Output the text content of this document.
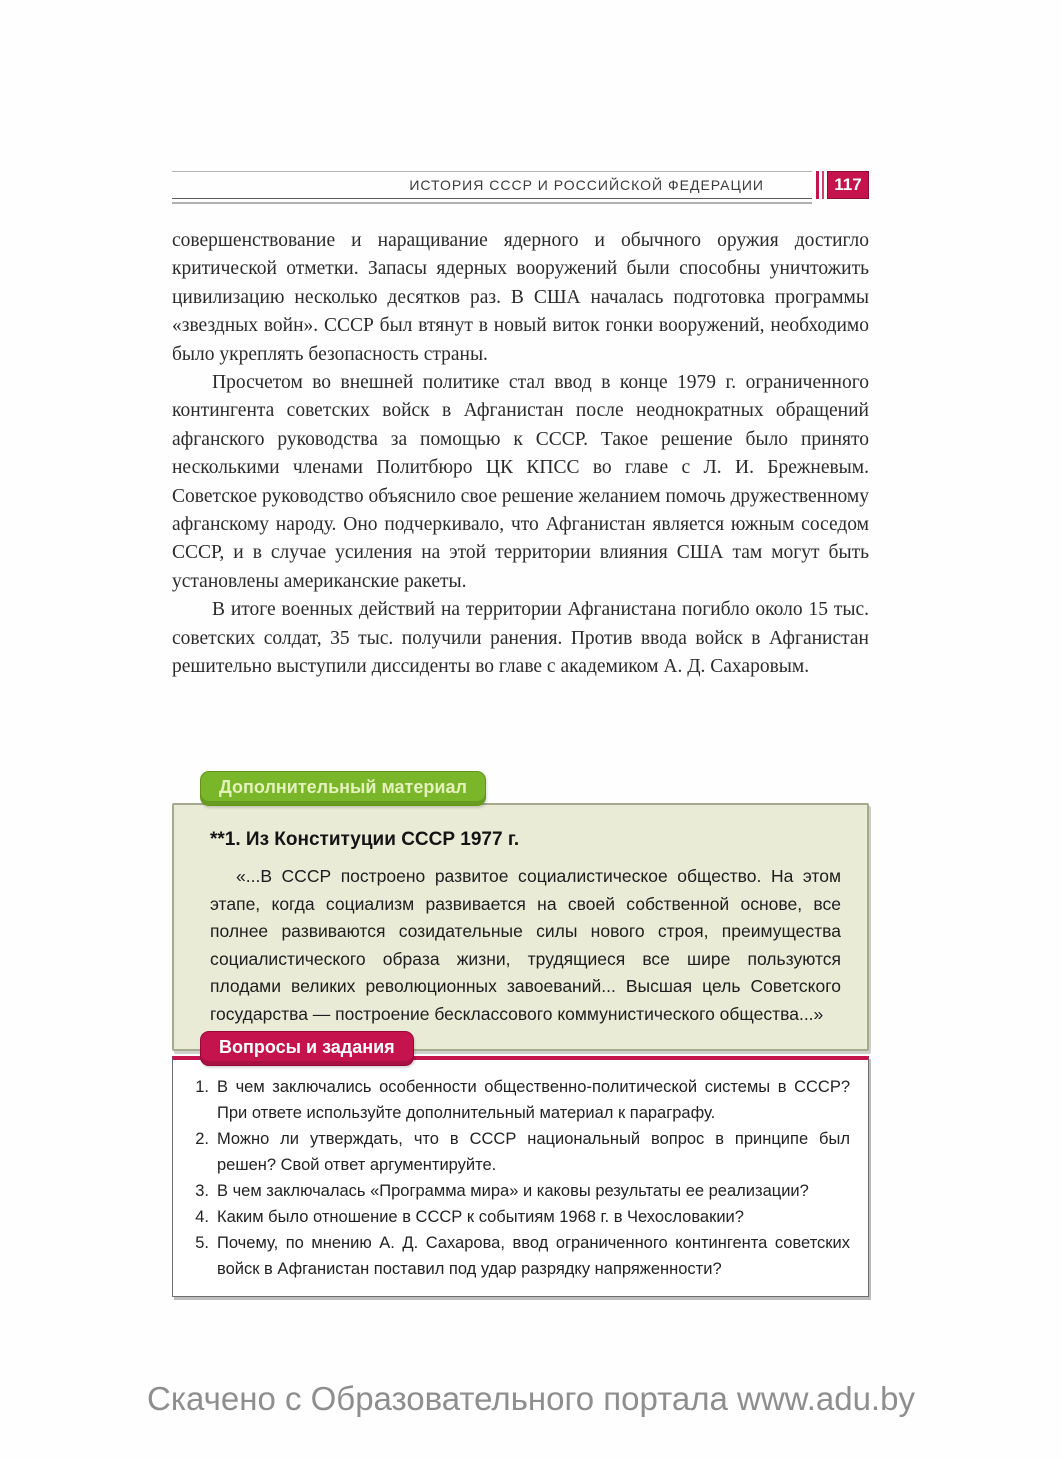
ИСТОРИЯ СССР И РОССИЙСКОЙ ФЕДЕРАЦИИ	117

совершенствование и наращивание ядерного и обычного оружия достигло критической отметки. Запасы ядерных вооружений были способны уничтожить цивилизацию несколько десятков раз. В США началась подготовка программы «звездных войн». СССР был втянут в новый виток гонки вооружений, необходимо было укреплять безопасность страны.

Просчетом во внешней политике стал ввод в конце 1979 г. ограниченного контингента советских войск в Афганистан после неоднократных обращений афганского руководства за помощью к СССР. Такое решение было принято несколькими членами Политбюро ЦК КПСС во главе с Л. И. Брежневым. Советское руководство объяснило свое решение желанием помочь дружественному афганскому народу. Оно подчеркивало, что Афганистан является южным соседом СССР, и в случае усиления на этой территории влияния США там могут быть установлены американские ракеты.

В итоге военных действий на территории Афганистана погибло около 15 тыс. советских солдат, 35 тыс. получили ранения. Против ввода войск в Афганистан решительно выступили диссиденты во главе с академиком А. Д. Сахаровым.

Дополнительный материал
**1. Из Конституции СССР 1977 г.
«...В СССР построено развитое социалистическое общество. На этом этапе, когда социализм развивается на своей собственной основе, все полнее развиваются созидательные силы нового строя, преимущества социалистического образа жизни, трудящиеся все шире пользуются плодами великих революционных завоеваний... Высшая цель Советского государства — построение бесклассового коммунистического общества...»
Вопросы и задания
1. В чем заключались особенности общественно-политической системы в СССР? При ответе используйте дополнительный материал к параграфу.
2. Можно ли утверждать, что в СССР национальный вопрос в принципе был решен? Свой ответ аргументируйте.
3. В чем заключалась «Программа мира» и каковы результаты ее реализации?
4. Каким было отношение в СССР к событиям 1968 г. в Чехословакии?
5. Почему, по мнению А. Д. Сахарова, ввод ограниченного контингента советских войск в Афганистан поставил под удар разрядку напряженности?
Скачено с Образовательного портала www.adu.by
